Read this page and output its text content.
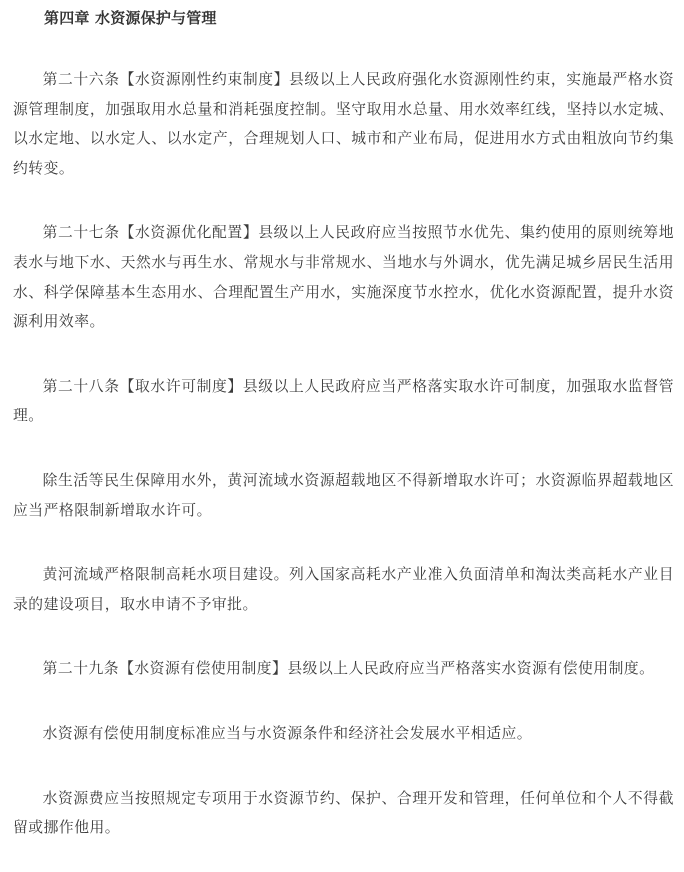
第四章 水资源保护与管理

第二十六条【水资源刚性约束制度】县级以上人民政府强化水资源刚性约束，实施最严格水资源管理制度，加强取用水总量和消耗强度控制。坚守取用水总量、用水效率红线，坚持以水定城、以水定地、以水定人、以水定产，合理规划人口、城市和产业布局，促进用水方式由粗放向节约集约转变。

第二十七条【水资源优化配置】县级以上人民政府应当按照节水优先、集约使用的原则统筹地表水与地下水、天然水与再生水、常规水与非常规水、当地水与外调水，优先满足城乡居民生活用水、科学保障基本生态用水、合理配置生产用水，实施深度节水控水，优化水资源配置，提升水资源利用效率。

第二十八条【取水许可制度】县级以上人民政府应当严格落实取水许可制度，加强取水监督管理。

除生活等民生保障用水外，黄河流域水资源超载地区不得新增取水许可；水资源临界超载地区应当严格限制新增取水许可。

黄河流域严格限制高耗水项目建设。列入国家高耗水产业准入负面清单和淘汰类高耗水产业目录的建设项目，取水申请不予审批。

第二十九条【水资源有偿使用制度】县级以上人民政府应当严格落实水资源有偿使用制度。

水资源有偿使用制度标准应当与水资源条件和经济社会发展水平相适应。

水资源费应当按照规定专项用于水资源节约、保护、合理开发和管理，任何单位和个人不得截留或挪作他用。
